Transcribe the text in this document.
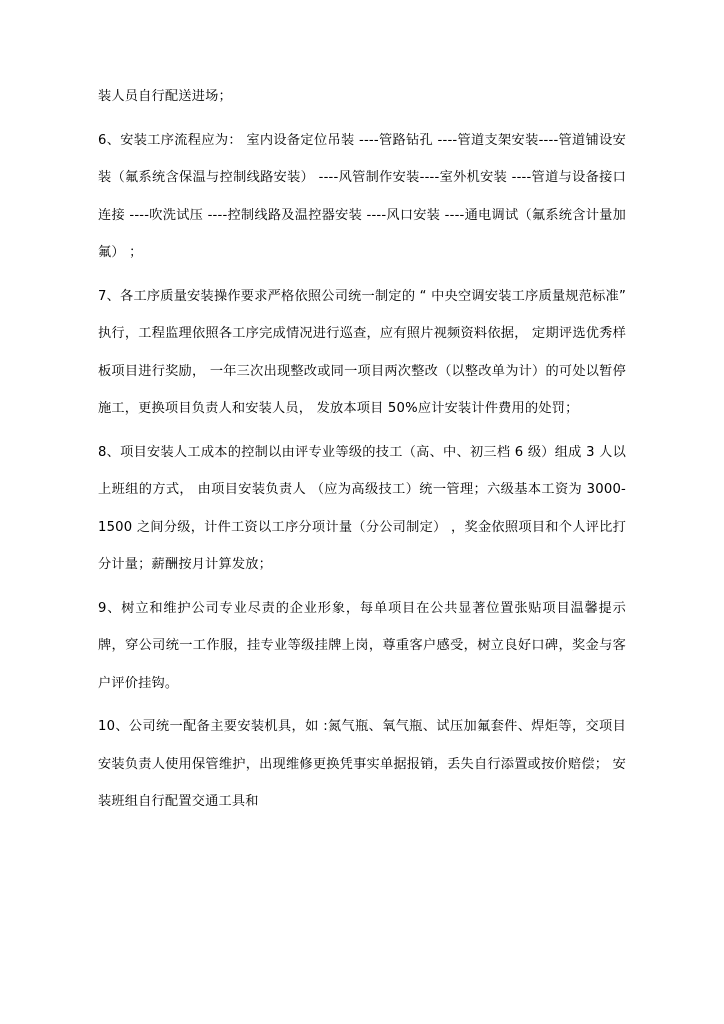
装人员自行配送进场；

6、安装工序流程应为： 室内设备定位吊装 ----管路钻孔 ----管道支架安装----管道铺设安装（氟系统含保温与控制线路安装） ----风管制作安装----室外机安装 ----管道与设备接口连接 ----吹洗试压 ----控制线路及温控器安装 ----风口安装 ----通电调试（氟系统含计量加氟） ；

7、各工序质量安装操作要求严格依照公司统一制定的 “ 中央空调安装工序质量规范标准” 执行，工程监理依照各工序完成情况进行巡查，应有照片视频资料依据， 定期评选优秀样板项目进行奖励， 一年三次出现整改或同一项目两次整改（以整改单为计）的可处以暂停施工，更换项目负责人和安装人员， 发放本项目 50%应计安装计件费用的处罚；

8、项目安装人工成本的控制以由评专业等级的技工（高、中、初三档 6 级）组成 3 人以上班组的方式， 由项目安装负责人 （应为高级技工）统一管理；六级基本工资为 3000-1500 之间分级，计件工资以工序分项计量（分公司制定） ，奖金依照项目和个人评比打分计量；薪酬按月计算发放；

9、树立和维护公司专业尽责的企业形象，每单项目在公共显著位置张贴项目温馨提示牌，穿公司统一工作服，挂专业等级挂牌上岗，尊重客户感受，树立良好口碑，奖金与客户评价挂钩。

10、公司统一配备主要安装机具，如 :氮气瓶、氧气瓶、试压加氟套件、焊炬等，交项目安装负责人使用保管维护，出现维修更换凭事实单据报销，丢失自行添置或按价赔偿； 安装班组自行配置交通工具和
